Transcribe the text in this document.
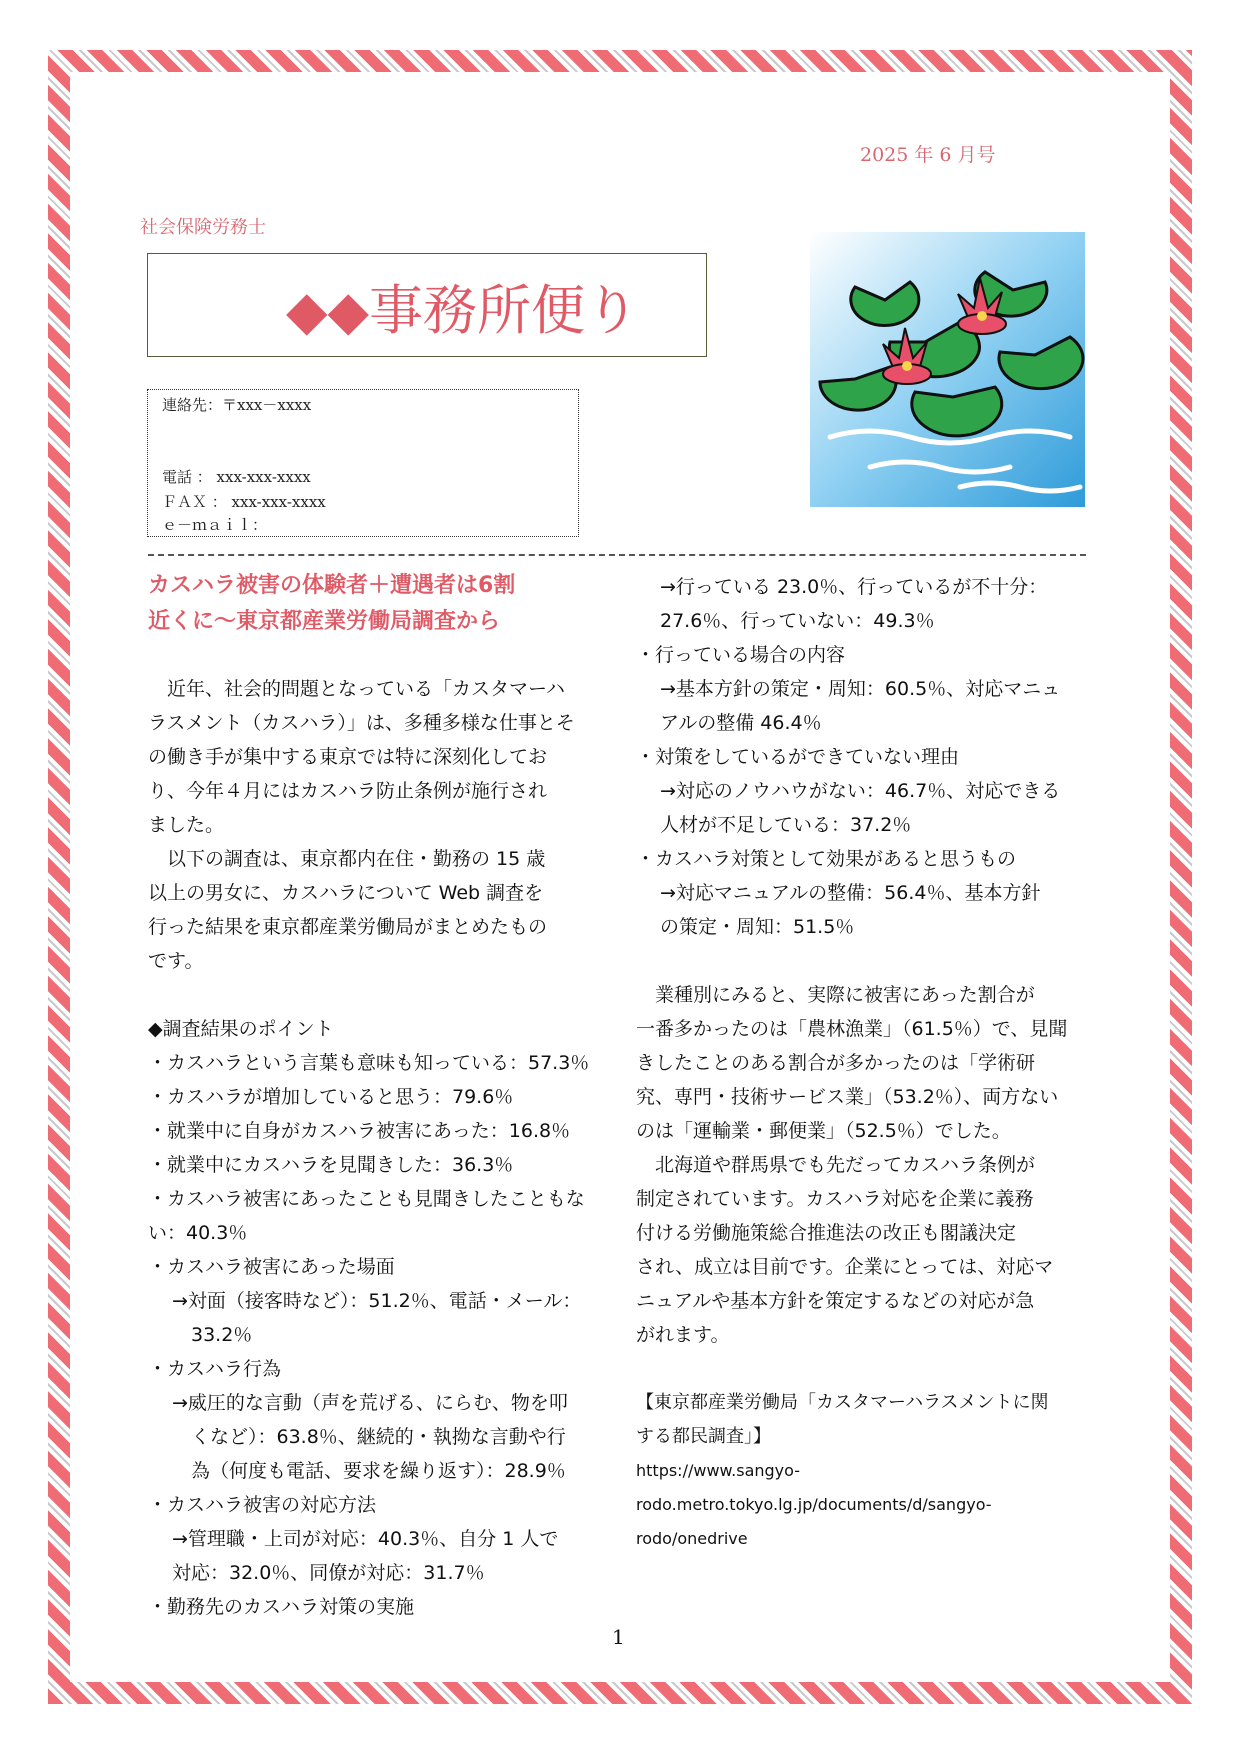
2025 年 6 月号
社会保険労務士
◆◆事務所便り
連絡先：〒xxx－xxxx
電話 ： xxx-xxx-xxxx
ＦＡＸ ： xxx-xxx-xxxx
ｅ－ｍａｉｌ：

カスハラ被害の体験者＋遭遇者は6割

近くに～東京都産業労働局調査から

　近年、社会的問題となっている「カスタマーハ

ラスメント（カスハラ）」は、多種多様な仕事とそ

の働き手が集中する東京では特に深刻化してお

り、今年４月にはカスハラ防止条例が施行され

ました。

　以下の調査は、東京都内在住・勤務の 15 歳

以上の男女に、カスハラについて Web 調査を

行った結果を東京都産業労働局がまとめたもの

です。

◆調査結果のポイント

・カスハラという言葉も意味も知っている：57.3％

・カスハラが増加していると思う：79.6％

・就業中に自身がカスハラ被害にあった：16.8％

・就業中にカスハラを見聞きした：36.3％

・カスハラ被害にあったことも見聞きしたこともな

い：40.3％

・カスハラ被害にあった場面

→対面（接客時など）：51.2％、電話・メール：

　33.2％

・カスハラ行為

→威圧的な言動（声を荒げる、にらむ、物を叩

　くなど）：63.8％、継続的・執拗な言動や行

　為（何度も電話、要求を繰り返す）：28.9％

・カスハラ被害の対応方法

→管理職・上司が対応：40.3％、自分 1 人で

対応：32.0％、同僚が対応：31.7％

・勤務先のカスハラ対策の実施

→行っている 23.0％、行っているが不十分：

27.6％、行っていない：49.3％

・行っている場合の内容

→基本方針の策定・周知：60.5％、対応マニュ

アルの整備 46.4％

・対策をしているができていない理由

→対応のノウハウがない：46.7％、対応できる

人材が不足している：37.2％

・カスハラ対策として効果があると思うもの

→対応マニュアルの整備：56.4％、基本方針

の策定・周知：51.5％

　業種別にみると、実際に被害にあった割合が

一番多かったのは「農林漁業」（61.5％）で、見聞

きしたことのある割合が多かったのは「学術研

究、専門・技術サービス業」（53.2％）、両方ない

のは「運輸業・郵便業」（52.5％）でした。

　北海道や群馬県でも先だってカスハラ条例が

制定されています。カスハラ対応を企業に義務

付ける労働施策総合推進法の改正も閣議決定

され、成立は目前です。企業にとっては、対応マ

ニュアルや基本方針を策定するなどの対応が急

がれます。

【東京都産業労働局「カスタマーハラスメントに関

する都民調査」】

https://www.sangyo-

rodo.metro.tokyo.lg.jp/documents/d/sangyo-

rodo/onedrive

1
